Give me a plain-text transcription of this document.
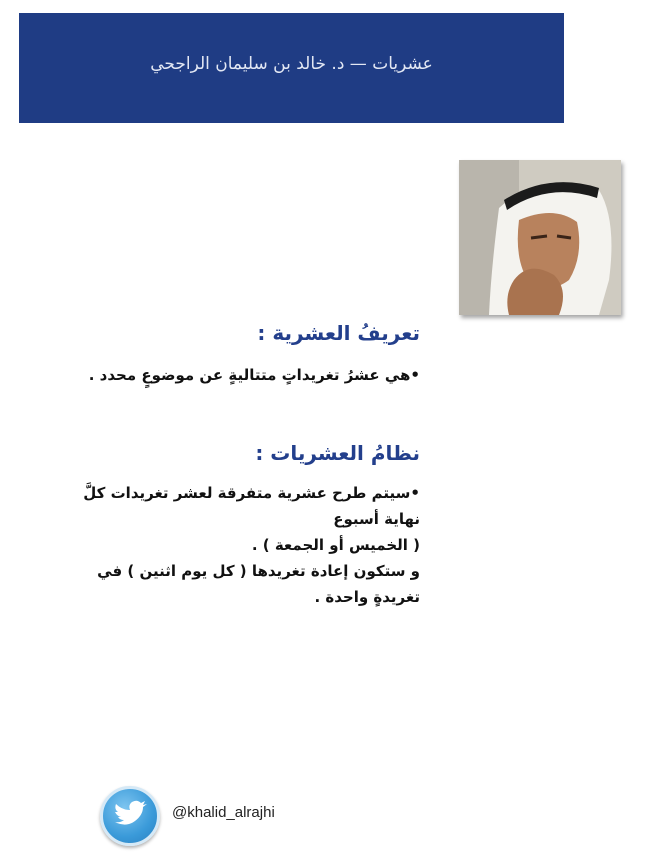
عشريات — د. خالد بن سليمان الراجحي
تعريفُ العشرية :
•هي عشرُ تغريداتٍ متتاليةٍ عن موضوعٍ محدد .
نظامُ العشريات :
•سيتم طرح عشرية متفرقة لعشر تغريدات كلَّ نهاية أسبوع
( الخميس أو الجمعة ) .
و ستكون إعادة تغريدها ( كل يوم اثنين ) في تغريدةٍ واحدة .
@khalid_alrajhi
